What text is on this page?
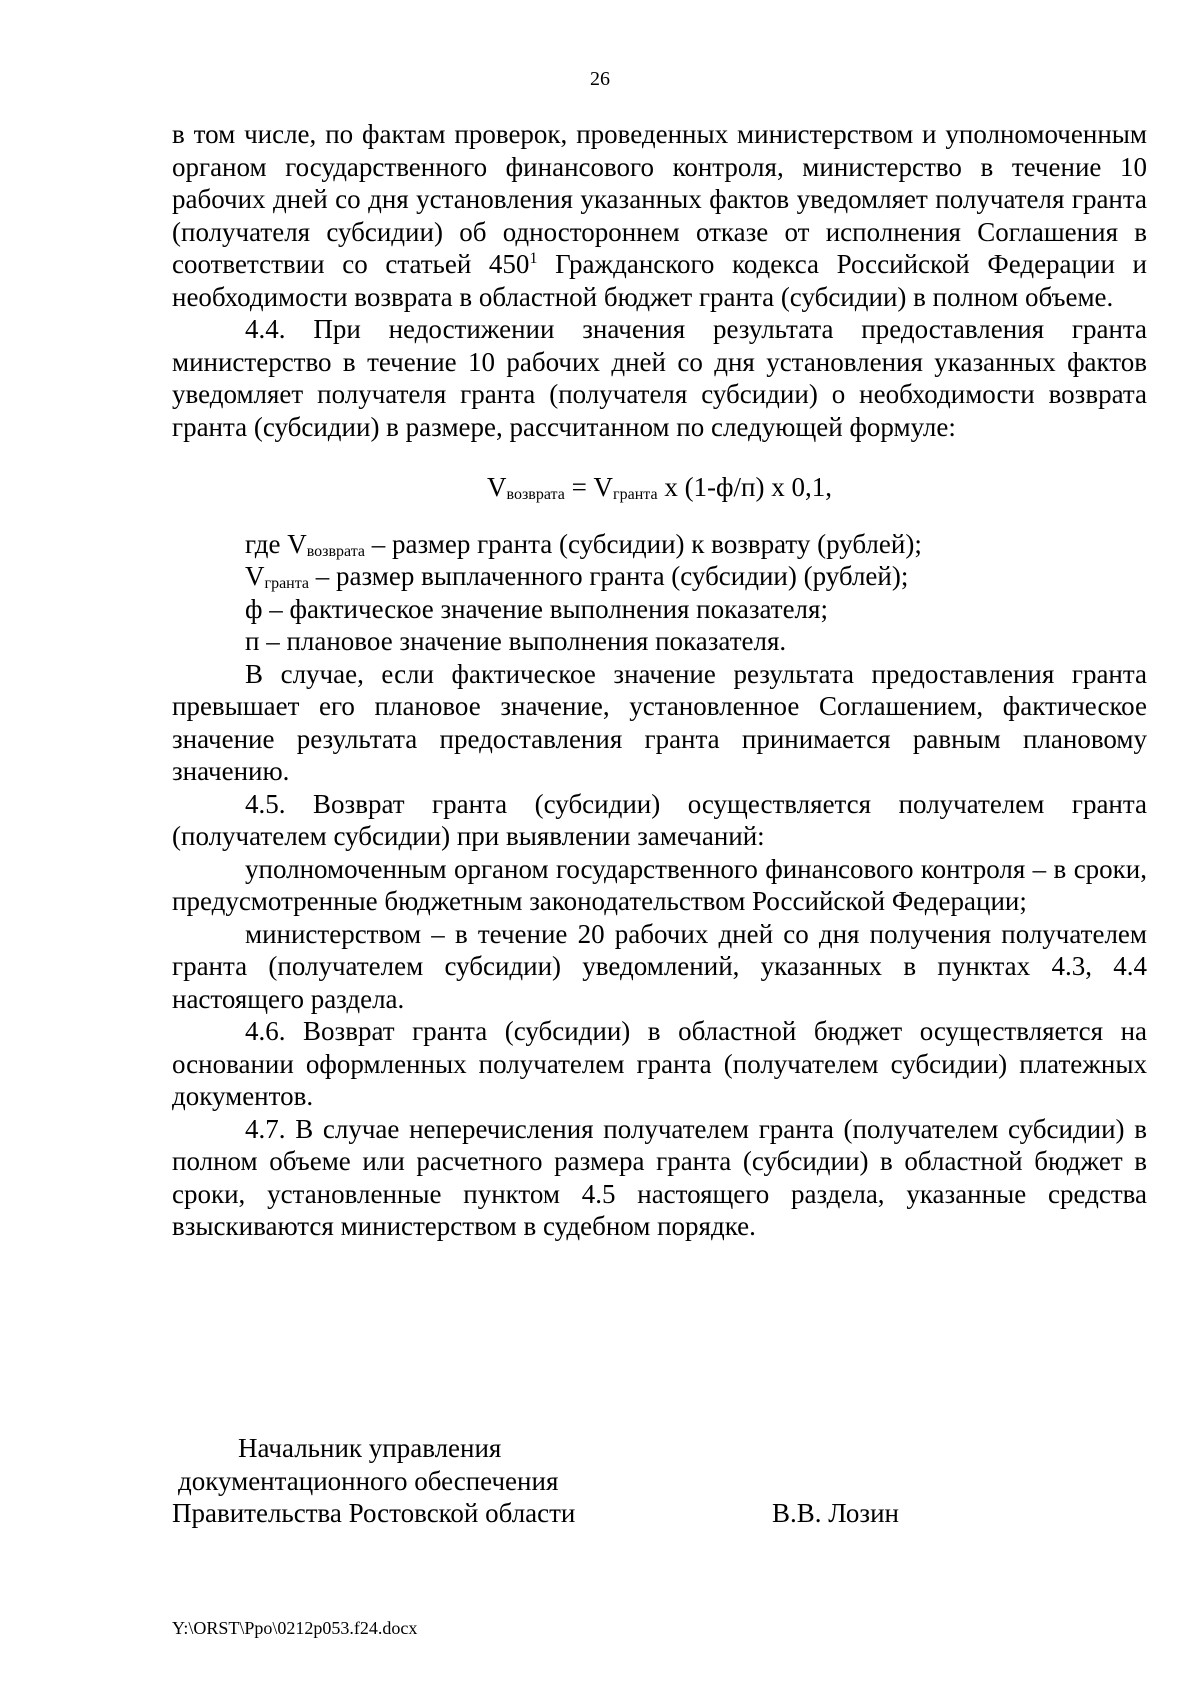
26

в том числе, по фактам проверок, проведенных министерством и уполномоченным органом государственного финансового контроля, министерство в течение 10 рабочих дней со дня установления указанных фактов уведомляет получателя гранта (получателя субсидии) об одностороннем отказе от исполнения Соглашения в соответствии со статьей $450^1$ Гражданского кодекса Российской Федерации и необходимости возврата в областной бюджет гранта (субсидии) в полном объеме.

4.4. При недостижении значения результата предоставления гранта министерство в течение 10 рабочих дней со дня установления указанных фактов уведомляет получателя гранта (получателя субсидии) о необходимости возврата гранта (субсидии) в размере, рассчитанном по следующей формуле:

$V_{возврата} = V_{гранта}$ х (1-ф/п) х 0,1,

где $V_{возврата}$ – размер гранта (субсидии) к возврату (рублей);

$V_{гранта}$ – размер выплаченного гранта (субсидии) (рублей);

ф – фактическое значение выполнения показателя;

п – плановое значение выполнения показателя.

В случае, если фактическое значение результата предоставления гранта превышает его плановое значение, установленное Соглашением, фактическое значение результата предоставления гранта принимается равным плановому значению.

4.5. Возврат гранта (субсидии) осуществляется получателем гранта (получателем субсидии) при выявлении замечаний:

уполномоченным органом государственного финансового контроля – в сроки, предусмотренные бюджетным законодательством Российской Федерации;

министерством – в течение 20 рабочих дней со дня получения получателем гранта (получателем субсидии) уведомлений, указанных в пунктах 4.3, 4.4 настоящего раздела.

4.6. Возврат гранта (субсидии) в областной бюджет осуществляется на основании оформленных получателем гранта (получателем субсидии) платежных документов.

4.7. В случае неперечисления получателем гранта (получателем субсидии) в полном объеме или расчетного размера гранта (субсидии) в областной бюджет в сроки, установленные пунктом 4.5 настоящего раздела, указанные средства взыскиваются министерством в судебном порядке.

Начальник управления
документационного обеспечения
Правительства Ростовской области	В.В. Лозин
Y:\ORST\Ppo\0212p053.f24.docx
